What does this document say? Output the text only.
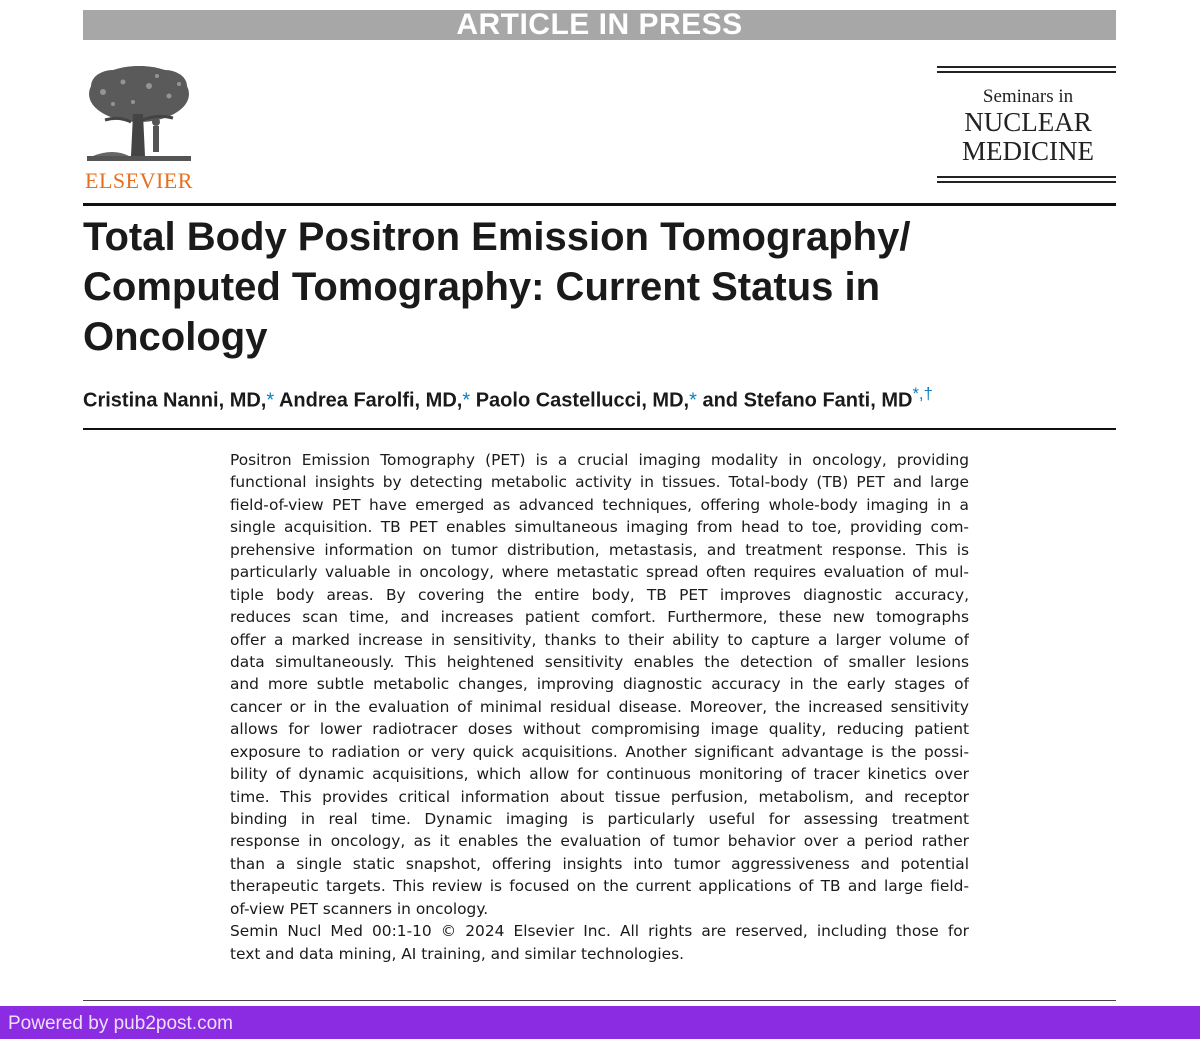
ARTICLE IN PRESS
ELSEVIER
Seminars in
NUCLEAR
MEDICINE
Total Body Positron Emission Tomography/
Computed Tomography: Current Status in
Oncology
Cristina Nanni, MD,* Andrea Farolfi, MD,* Paolo Castellucci, MD,* and Stefano Fanti, MD*,†
Positron Emission Tomography (PET) is a crucial imaging modality in oncology, providing
functional insights by detecting metabolic activity in tissues. Total-body (TB) PET and large
field-of-view PET have emerged as advanced techniques, offering whole-body imaging in a
single acquisition. TB PET enables simultaneous imaging from head to toe, providing com-
prehensive information on tumor distribution, metastasis, and treatment response. This is
particularly valuable in oncology, where metastatic spread often requires evaluation of mul-
tiple body areas. By covering the entire body, TB PET improves diagnostic accuracy,
reduces scan time, and increases patient comfort. Furthermore, these new tomographs
offer a marked increase in sensitivity, thanks to their ability to capture a larger volume of
data simultaneously. This heightened sensitivity enables the detection of smaller lesions
and more subtle metabolic changes, improving diagnostic accuracy in the early stages of
cancer or in the evaluation of minimal residual disease. Moreover, the increased sensitivity
allows for lower radiotracer doses without compromising image quality, reducing patient
exposure to radiation or very quick acquisitions. Another significant advantage is the possi-
bility of dynamic acquisitions, which allow for continuous monitoring of tracer kinetics over
time. This provides critical information about tissue perfusion, metabolism, and receptor
binding in real time. Dynamic imaging is particularly useful for assessing treatment
response in oncology, as it enables the evaluation of tumor behavior over a period rather
than a single static snapshot, offering insights into tumor aggressiveness and potential
therapeutic targets. This review is focused on the current applications of TB and large field-
of-view PET scanners in oncology.
Semin Nucl Med 00:1-10 © 2024 Elsevier Inc. All rights are reserved, including those for
text and data mining, AI training, and similar technologies.
Powered by pub2post.com
